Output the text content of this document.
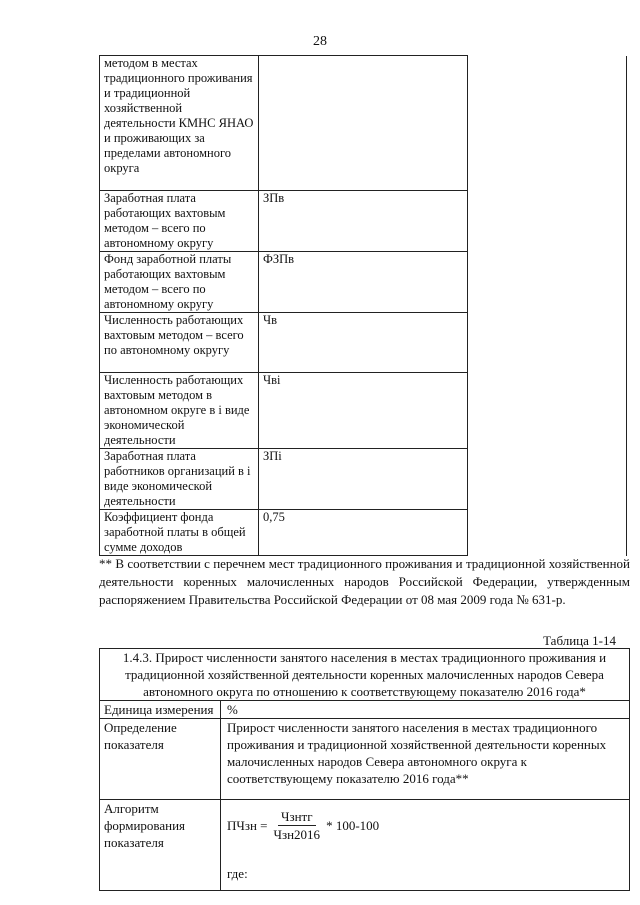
28
методом в местах традиционного проживания и традиционной хозяйственной деятельности КМНС ЯНАО и проживающих за пределами автономного округа		
Заработная плата работающих вахтовым методом – всего по автономному округу	ЗПв	
Фонд заработной платы работающих вахтовым методом – всего по автономному округу	ФЗПв	
Численность работающих вахтовым методом – всего по автономному округу	Чв	
Численность работающих вахтовым методом в автономном округе в i виде экономической деятельности	Чвi	
Заработная плата работников организаций в i виде экономической деятельности	ЗПi	
Коэффициент фонда заработной платы в общей сумме доходов	0,75	
** В соответствии с перечнем мест традиционного проживания и традиционной хозяйственной деятельности коренных малочисленных народов Российской Федерации, утвержденным распоряжением Правительства Российской Федерации от 08 мая 2009 года № 631-р.
Таблица 1-14
1.4.3. Прирост численности занятого населения в местах традиционного проживания и традиционной хозяйственной деятельности коренных малочисленных народов Севера автономного округа по отношению к соответствующему показателю 2016 года*	
Единица измерения	%
Определение показателя	Прирост численности занятого населения в местах традиционного проживания и традиционной хозяйственной деятельности коренных малочисленных народов Севера автономного округа к соответствующему показателю 2016 года**
Алгоритм формирования показателя	ПЧзн = $\frac{\text{Чзнтг}}{\text{Чзн2016}} * 100-100$
где:
